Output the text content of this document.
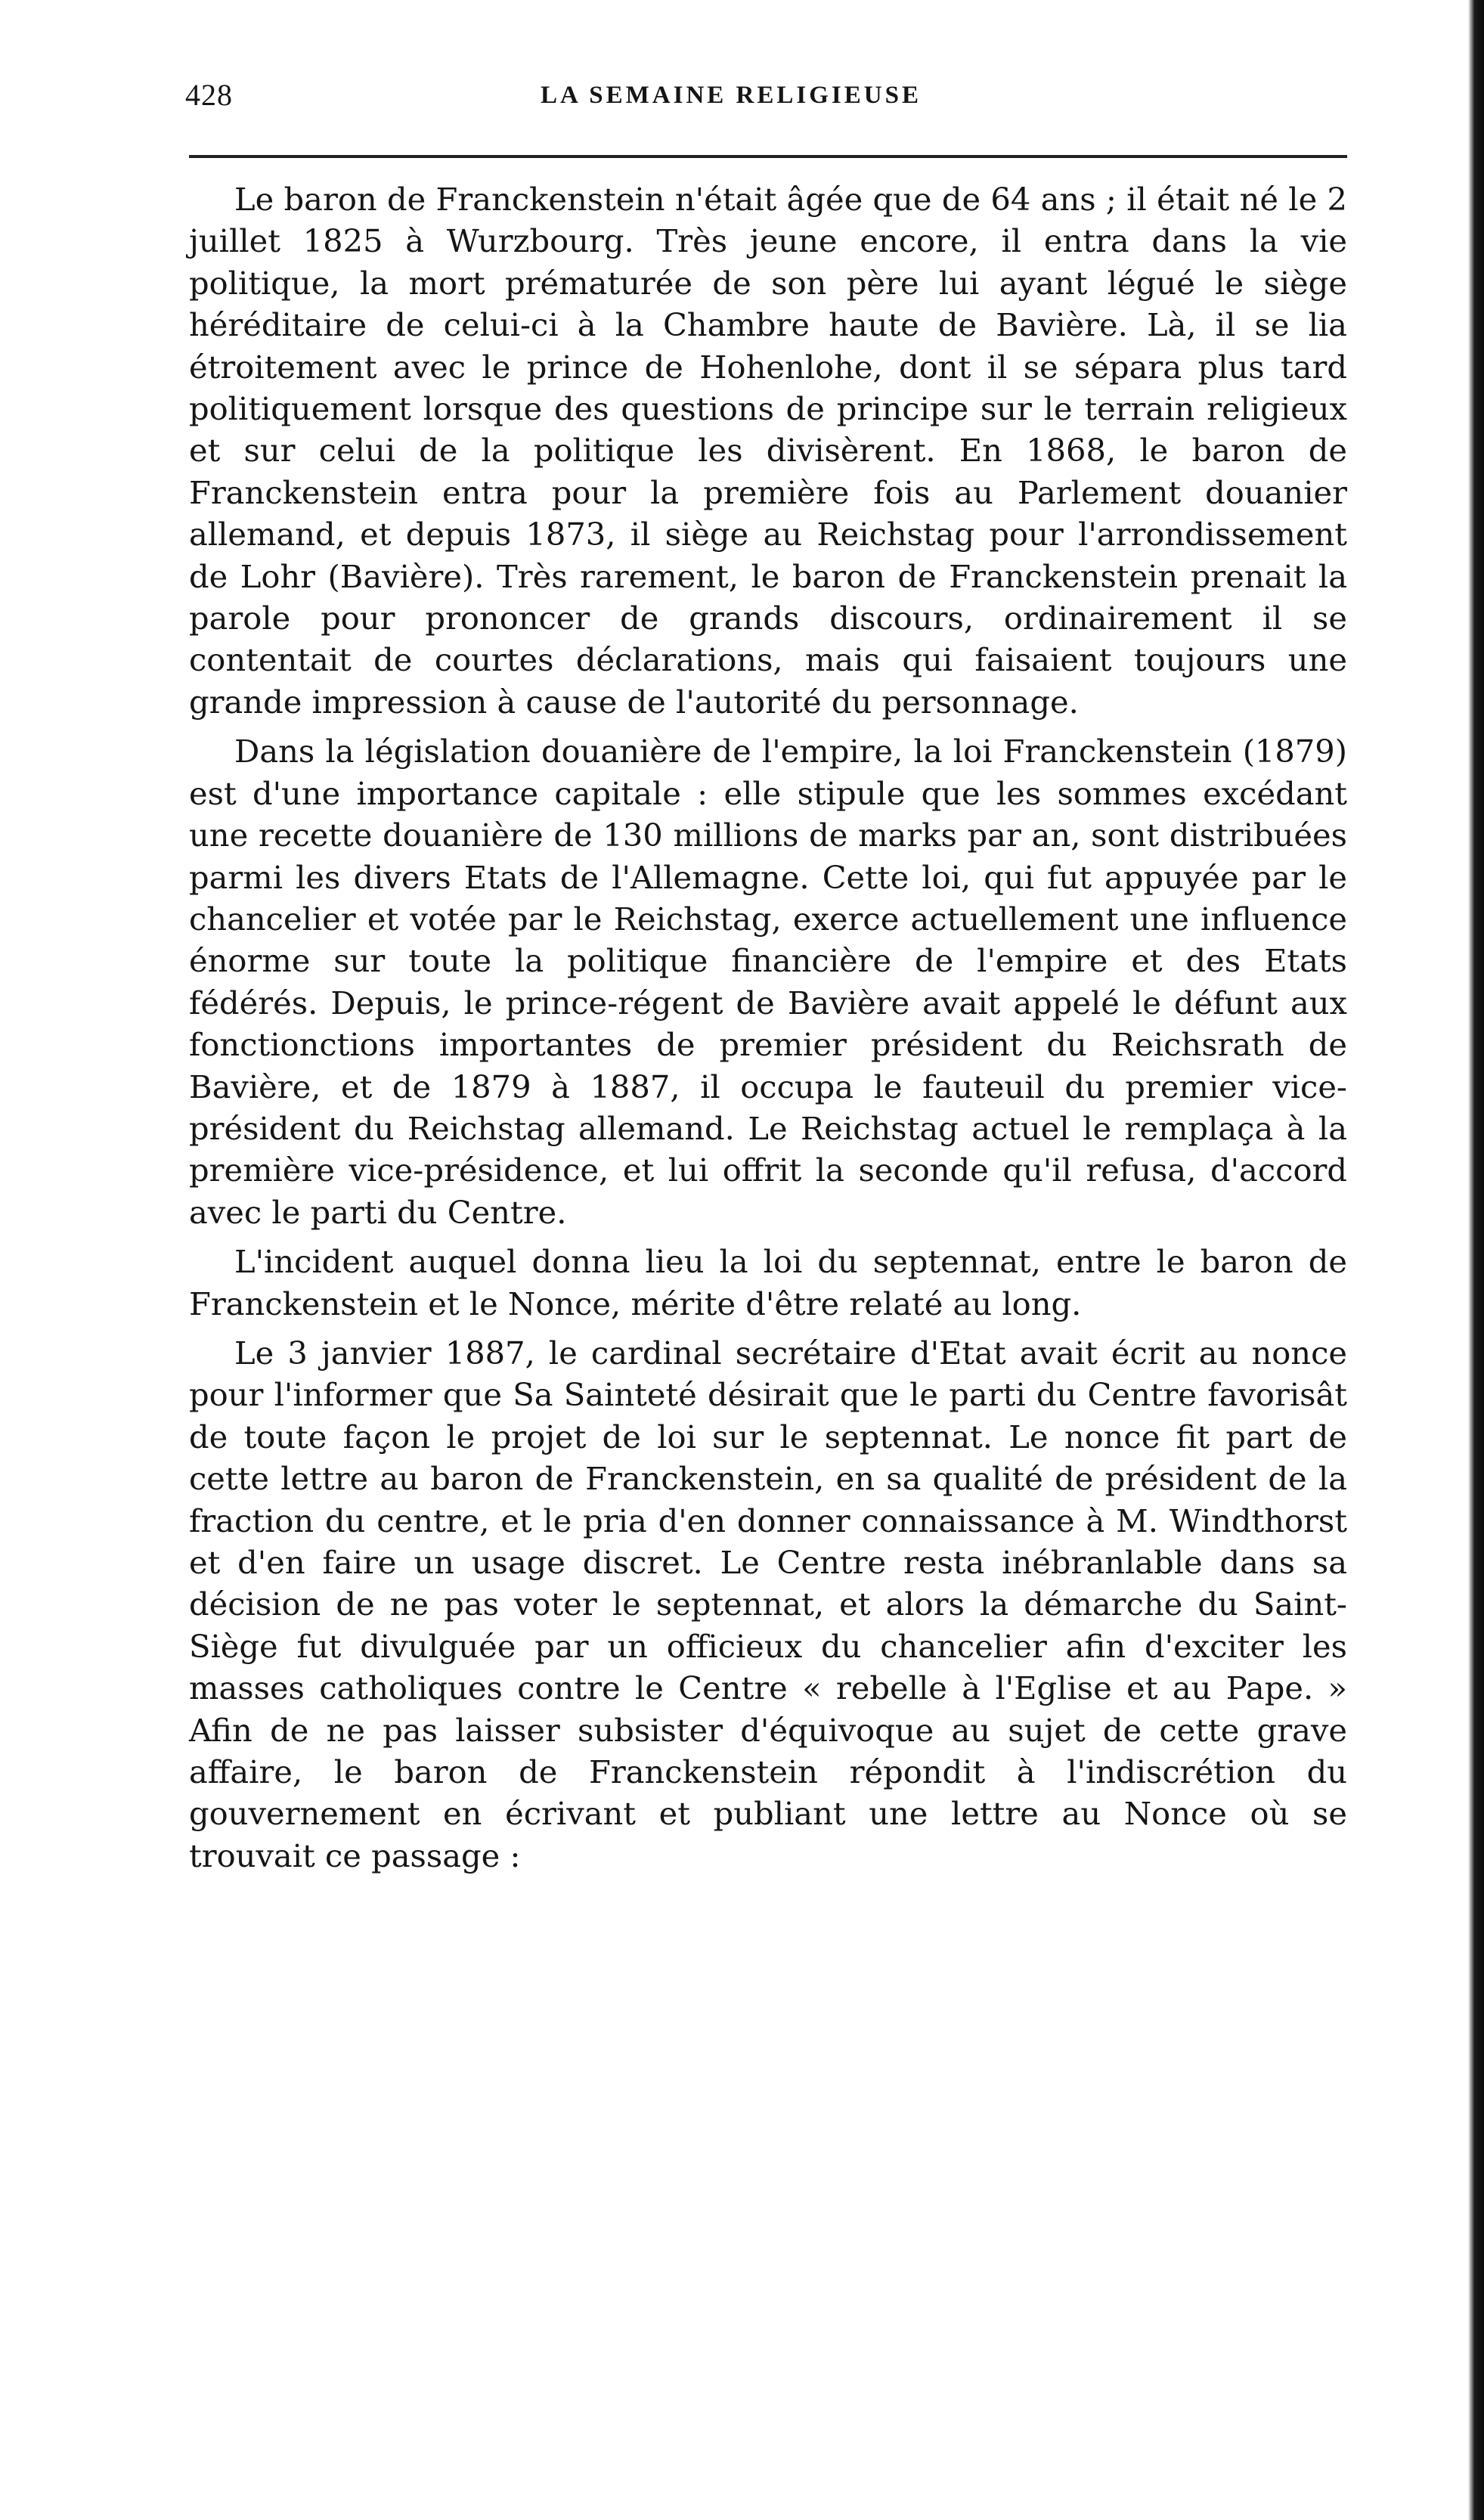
428	LA SEMAINE RELIGIEUSE

Le baron de Franckenstein n'était âgée que de 64 ans ; il était né le 2 juillet 1825 à Wurzbourg. Très jeune encore, il entra dans la vie politique, la mort prématurée de son père lui ayant légué le siège héréditaire de celui-ci à la Chambre haute de Bavière. Là, il se lia étroitement avec le prince de Hohenlohe, dont il se sépara plus tard politiquement lorsque des questions de principe sur le terrain religieux et sur celui de la politique les divisèrent. En 1868, le baron de Franckenstein entra pour la première fois au Parlement douanier allemand, et depuis 1873, il siège au Reichstag pour l'arrondissement de Lohr (Bavière). Très rarement, le baron de Franckenstein prenait la parole pour prononcer de grands discours, ordinairement il se contentait de courtes déclarations, mais qui faisaient toujours une grande impression à cause de l'autorité du personnage.

Dans la législation douanière de l'empire, la loi Franckenstein (1879) est d'une importance capitale : elle stipule que les sommes excédant une recette douanière de 130 millions de marks par an, sont distribuées parmi les divers Etats de l'Allemagne. Cette loi, qui fut appuyée par le chancelier et votée par le Reichstag, exerce actuellement une influence énorme sur toute la politique financière de l'empire et des Etats fédérés. Depuis, le prince-régent de Bavière avait appelé le défunt aux fonctionctions importantes de premier président du Reichsrath de Bavière, et de 1879 à 1887, il occupa le fauteuil du premier vice-président du Reichstag allemand. Le Reichstag actuel le remplaça à la première vice-présidence, et lui offrit la seconde qu'il refusa, d'accord avec le parti du Centre.

L'incident auquel donna lieu la loi du septennat, entre le baron de Franckenstein et le Nonce, mérite d'être relaté au long.

Le 3 janvier 1887, le cardinal secrétaire d'Etat avait écrit au nonce pour l'informer que Sa Sainteté désirait que le parti du Centre favorisât de toute façon le projet de loi sur le septennat. Le nonce fit part de cette lettre au baron de Franckenstein, en sa qualité de président de la fraction du centre, et le pria d'en donner connaissance à M. Windthorst et d'en faire un usage discret. Le Centre resta inébranlable dans sa décision de ne pas voter le septennat, et alors la démarche du Saint-Siège fut divulguée par un officieux du chancelier afin d'exciter les masses catholiques contre le Centre « rebelle à l'Eglise et au Pape. » Afin de ne pas laisser subsister d'équivoque au sujet de cette grave affaire, le baron de Franckenstein répondit à l'indiscrétion du gouvernement en écrivant et publiant une lettre au Nonce où se trouvait ce passage :
